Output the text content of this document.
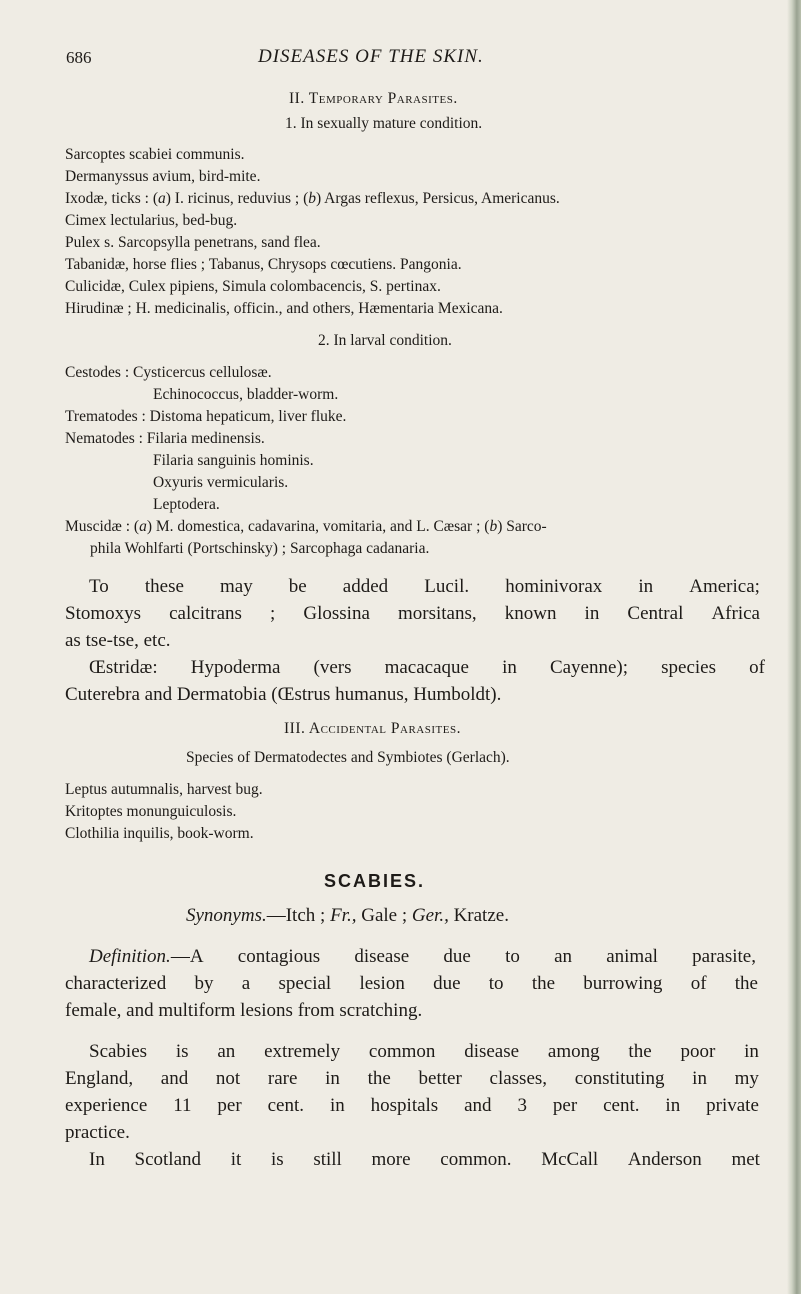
686	DISEASES OF THE SKIN.
II. Temporary Parasites.
1. In sexually mature condition.
Sarcoptes scabiei communis.
Dermanyssus avium, bird-mite.
Ixodæ, ticks : (a) I. ricinus, reduvius ; (b) Argas reflexus, Persicus, Americanus.
Cimex lectularius, bed-bug.
Pulex s. Sarcopsylla penetrans, sand flea.
Tabanidæ, horse flies ; Tabanus, Chrysops cœcutiens. Pangonia.
Culicidæ, Culex pipiens, Simula colombacencis, S. pertinax.
Hirudinæ ; H. medicinalis, officin., and others, Hæmentaria Mexicana.
2. In larval condition.
Cestodes : Cysticercus cellulosæ.
Echinococcus, bladder-worm.
Trematodes : Distoma hepaticum, liver fluke.
Nematodes : Filaria medinensis.
Filaria sanguinis hominis.
Oxyuris vermicularis.
Leptodera.
Muscidæ : (a) M. domestica, cadavarina, vomitaria, and L. Cæsar ; (b) Sarco-
phila Wohlfarti (Portschinsky) ; Sarcophaga cadanaria.
To these may be added Lucil. hominivorax in America;
Stomoxys calcitrans ; Glossina morsitans, known in Central Africa
as tse-tse, etc.
Œstridæ: Hypoderma (vers macacaque in Cayenne); species of
Cuterebra and Dermatobia (Œstrus humanus, Humboldt).
III. Accidental Parasites.
Species of Dermatodectes and Symbiotes (Gerlach).
Leptus autumnalis, harvest bug.
Kritoptes monunguiculosis.
Clothilia inquilis, book-worm.
SCABIES.
Synonyms.—Itch ; Fr., Gale ; Ger., Kratze.
Definition.—A contagious disease due to an animal parasite,
characterized by a special lesion due to the burrowing of the
female, and multiform lesions from scratching.
Scabies is an extremely common disease among the poor in
England, and not rare in the better classes, constituting in my
experience 11 per cent. in hospitals and 3 per cent. in private
practice.
In Scotland it is still more common. McCall Anderson met
